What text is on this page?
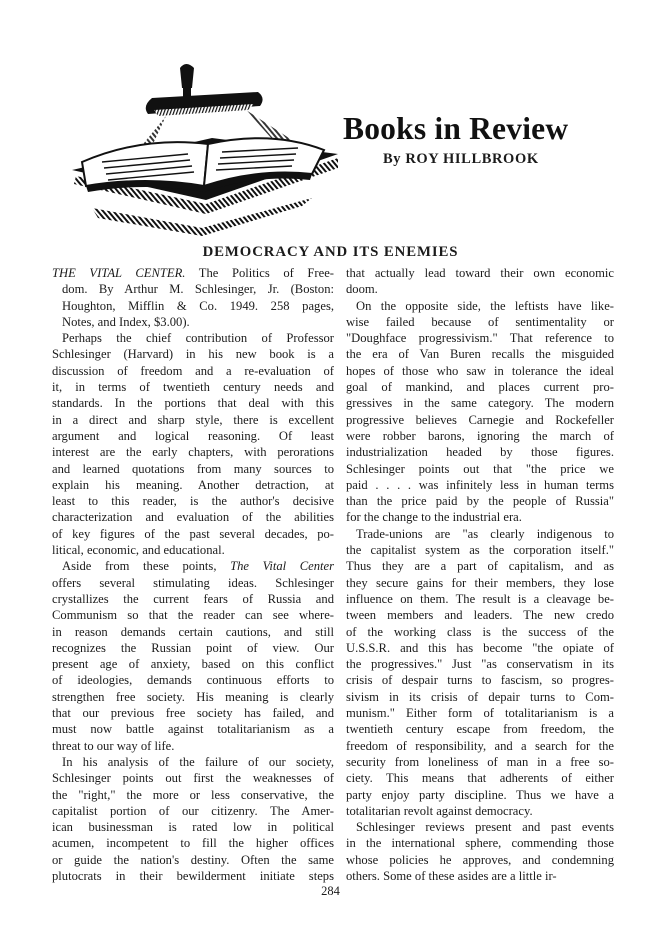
Books in Review
By ROY HILLBROOK
DEMOCRACY AND ITS ENEMIES
THE VITAL CENTER. The Politics of Free-
dom. By Arthur M. Schlesinger, Jr. (Boston:
Houghton, Mifflin & Co. 1949. 258 pages,
Notes, and Index, $3.00).
Perhaps the chief contribution of Professor
Schlesinger (Harvard) in his new book is a
discussion of freedom and a re-evaluation of
it, in terms of twentieth century needs and
standards. In the portions that deal with this
in a direct and sharp style, there is excellent
argument and logical reasoning. Of least
interest are the early chapters, with perorations
and learned quotations from many sources to
explain his meaning. Another detraction, at
least to this reader, is the author's decisive
characterization and evaluation of the abilities
of key figures of the past several decades, po-
litical, economic, and educational.
Aside from these points, The Vital Center
offers several stimulating ideas. Schlesinger
crystallizes the current fears of Russia and
Communism so that the reader can see where-
in reason demands certain cautions, and still
recognizes the Russian point of view. Our
present age of anxiety, based on this conflict
of ideologies, demands continuous efforts to
strengthen free society. His meaning is clearly
that our previous free society has failed, and
must now battle against totalitarianism as a
threat to our way of life.
In his analysis of the failure of our society,
Schlesinger points out first the weaknesses of
the "right," the more or less conservative, the
capitalist portion of our citizenry. The Amer-
ican businessman is rated low in political
acumen, incompetent to fill the higher offices
or guide the nation's destiny. Often the same
plutocrats in their bewilderment initiate steps
that actually lead toward their own economic
doom.
On the opposite side, the leftists have like-
wise failed because of sentimentality or
"Doughface progressivism." That reference to
the era of Van Buren recalls the misguided
hopes of those who saw in tolerance the ideal
goal of mankind, and places current pro-
gressives in the same category. The modern
progressive believes Carnegie and Rockefeller
were robber barons, ignoring the march of
industrialization headed by those figures.
Schlesinger points out that "the price we
paid . . . . was infinitely less in human terms
than the price paid by the people of Russia"
for the change to the industrial era.
Trade-unions are "as clearly indigenous to
the capitalist system as the corporation itself."
Thus they are a part of capitalism, and as
they secure gains for their members, they lose
influence on them. The result is a cleavage be-
tween members and leaders. The new credo
of the working class is the success of the
U.S.S.R. and this has become "the opiate of
the progressives." Just "as conservatism in its
crisis of despair turns to fascism, so progres-
sivism in its crisis of depair turns to Com-
munism." Either form of totalitarianism is a
twentieth century escape from freedom, the
freedom of responsibility, and a search for the
security from loneliness of man in a free so-
ciety. This means that adherents of either
party enjoy party discipline. Thus we have a
totalitarian revolt against democracy.
Schlesinger reviews present and past events
in the international sphere, commending those
whose policies he approves, and condemning
others. Some of these asides are a little ir-
284
